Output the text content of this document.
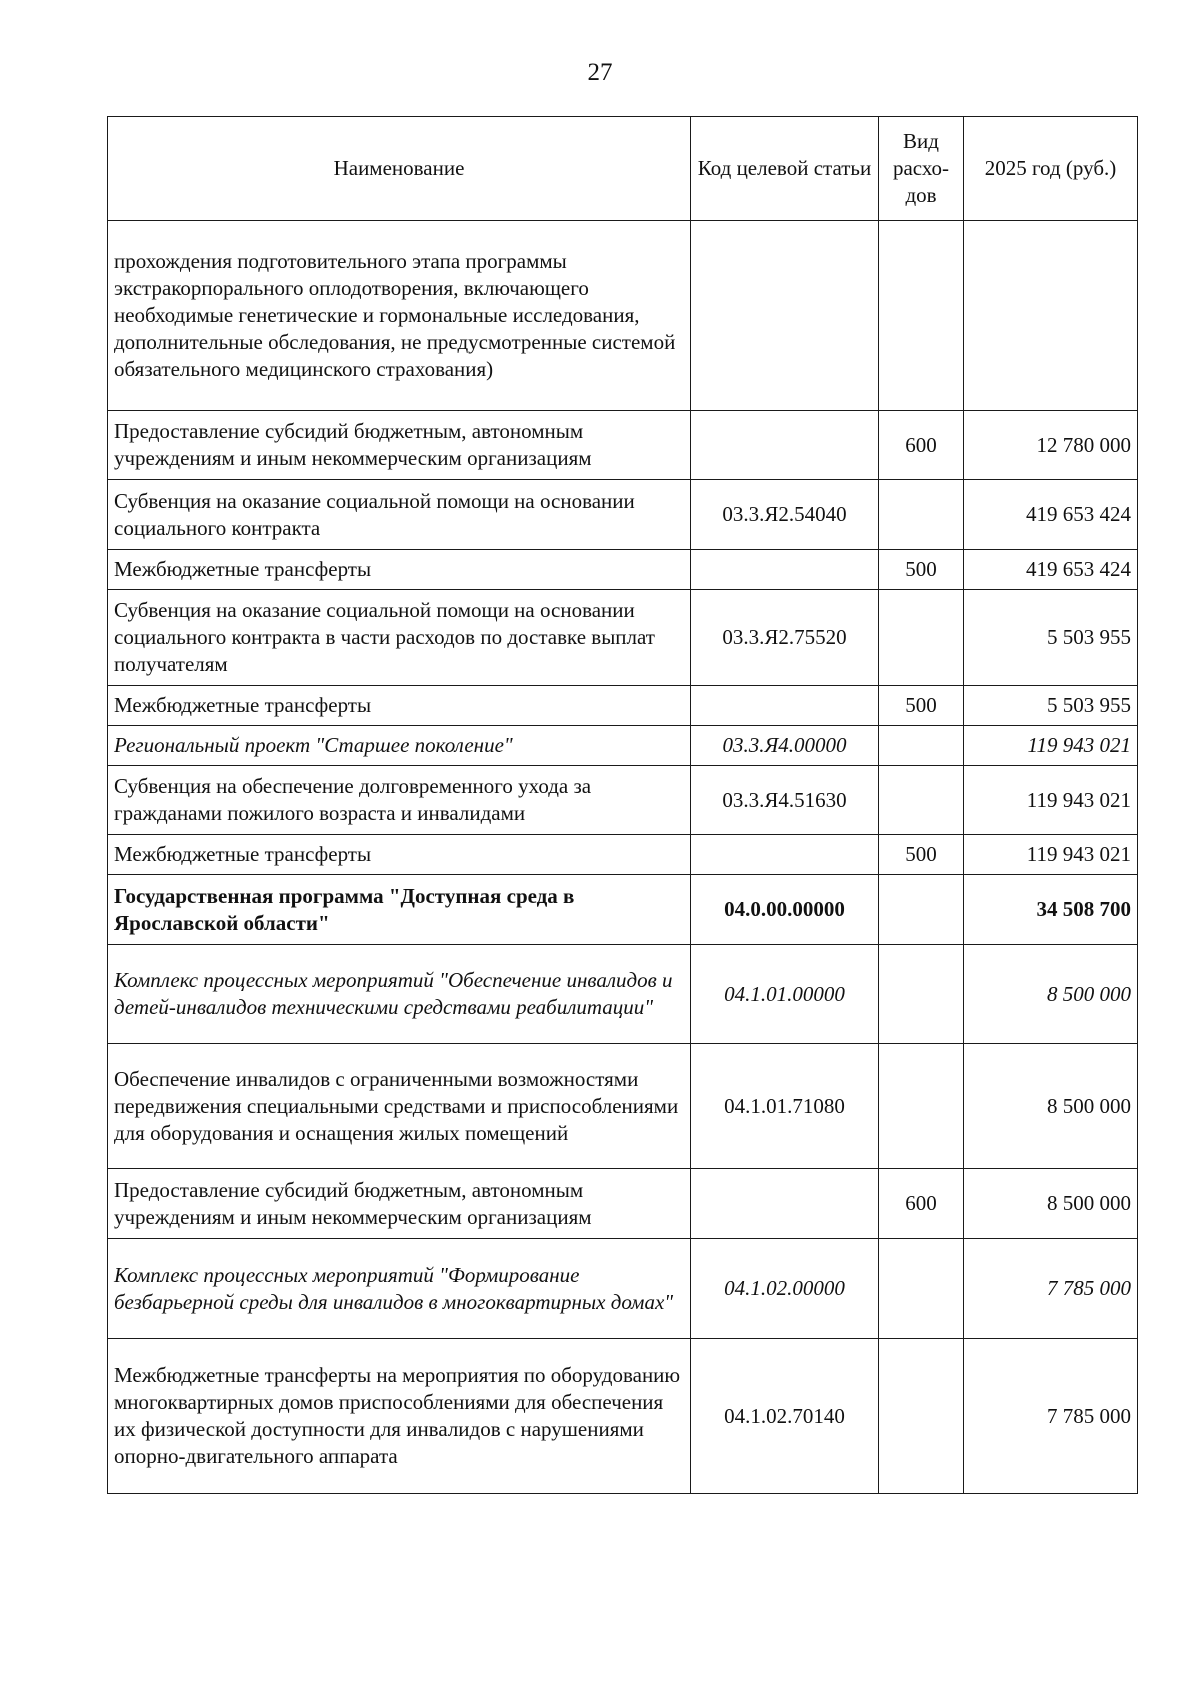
27
Наименование	Код целевой статьи	Вид расхо-дов	2025 год (руб.)
прохождения подготовительного этапа программы экстракорпорального оплодотворения, включающего необходимые генетические и гормональные исследования, дополнительные обследования, не предусмотренные системой обязательного медицинского страхования)			
Предоставление субсидий бюджетным, автономным учреждениям и иным некоммерческим организациям		600	12 780 000
Субвенция на оказание социальной помощи на основании социального контракта	03.3.Я2.54040		419 653 424
Межбюджетные трансферты		500	419 653 424
Субвенция на оказание социальной помощи на основании социального контракта в части расходов по доставке выплат получателям	03.3.Я2.75520		5 503 955
Межбюджетные трансферты		500	5 503 955
Региональный проект "Старшее поколение"	03.3.Я4.00000		119 943 021
Субвенция на обеспечение долговременного ухода за гражданами пожилого возраста и инвалидами	03.3.Я4.51630		119 943 021
Межбюджетные трансферты		500	119 943 021
Государственная программа "Доступная среда в Ярославской области"	04.0.00.00000		34 508 700
Комплекс процессных мероприятий "Обеспечение инвалидов и детей-инвалидов техническими средствами реабилитации"	04.1.01.00000		8 500 000
Обеспечение инвалидов с ограниченными возможностями передвижения специальными средствами и приспособлениями для оборудования и оснащения жилых помещений	04.1.01.71080		8 500 000
Предоставление субсидий бюджетным, автономным учреждениям и иным некоммерческим организациям		600	8 500 000
Комплекс процессных мероприятий "Формирование безбарьерной среды для инвалидов в многоквартирных домах"	04.1.02.00000		7 785 000
Межбюджетные трансферты на мероприятия по оборудованию многоквартирных домов приспособлениями для обеспечения их физической доступности для инвалидов с нарушениями опорно-двигательного аппарата	04.1.02.70140		7 785 000
